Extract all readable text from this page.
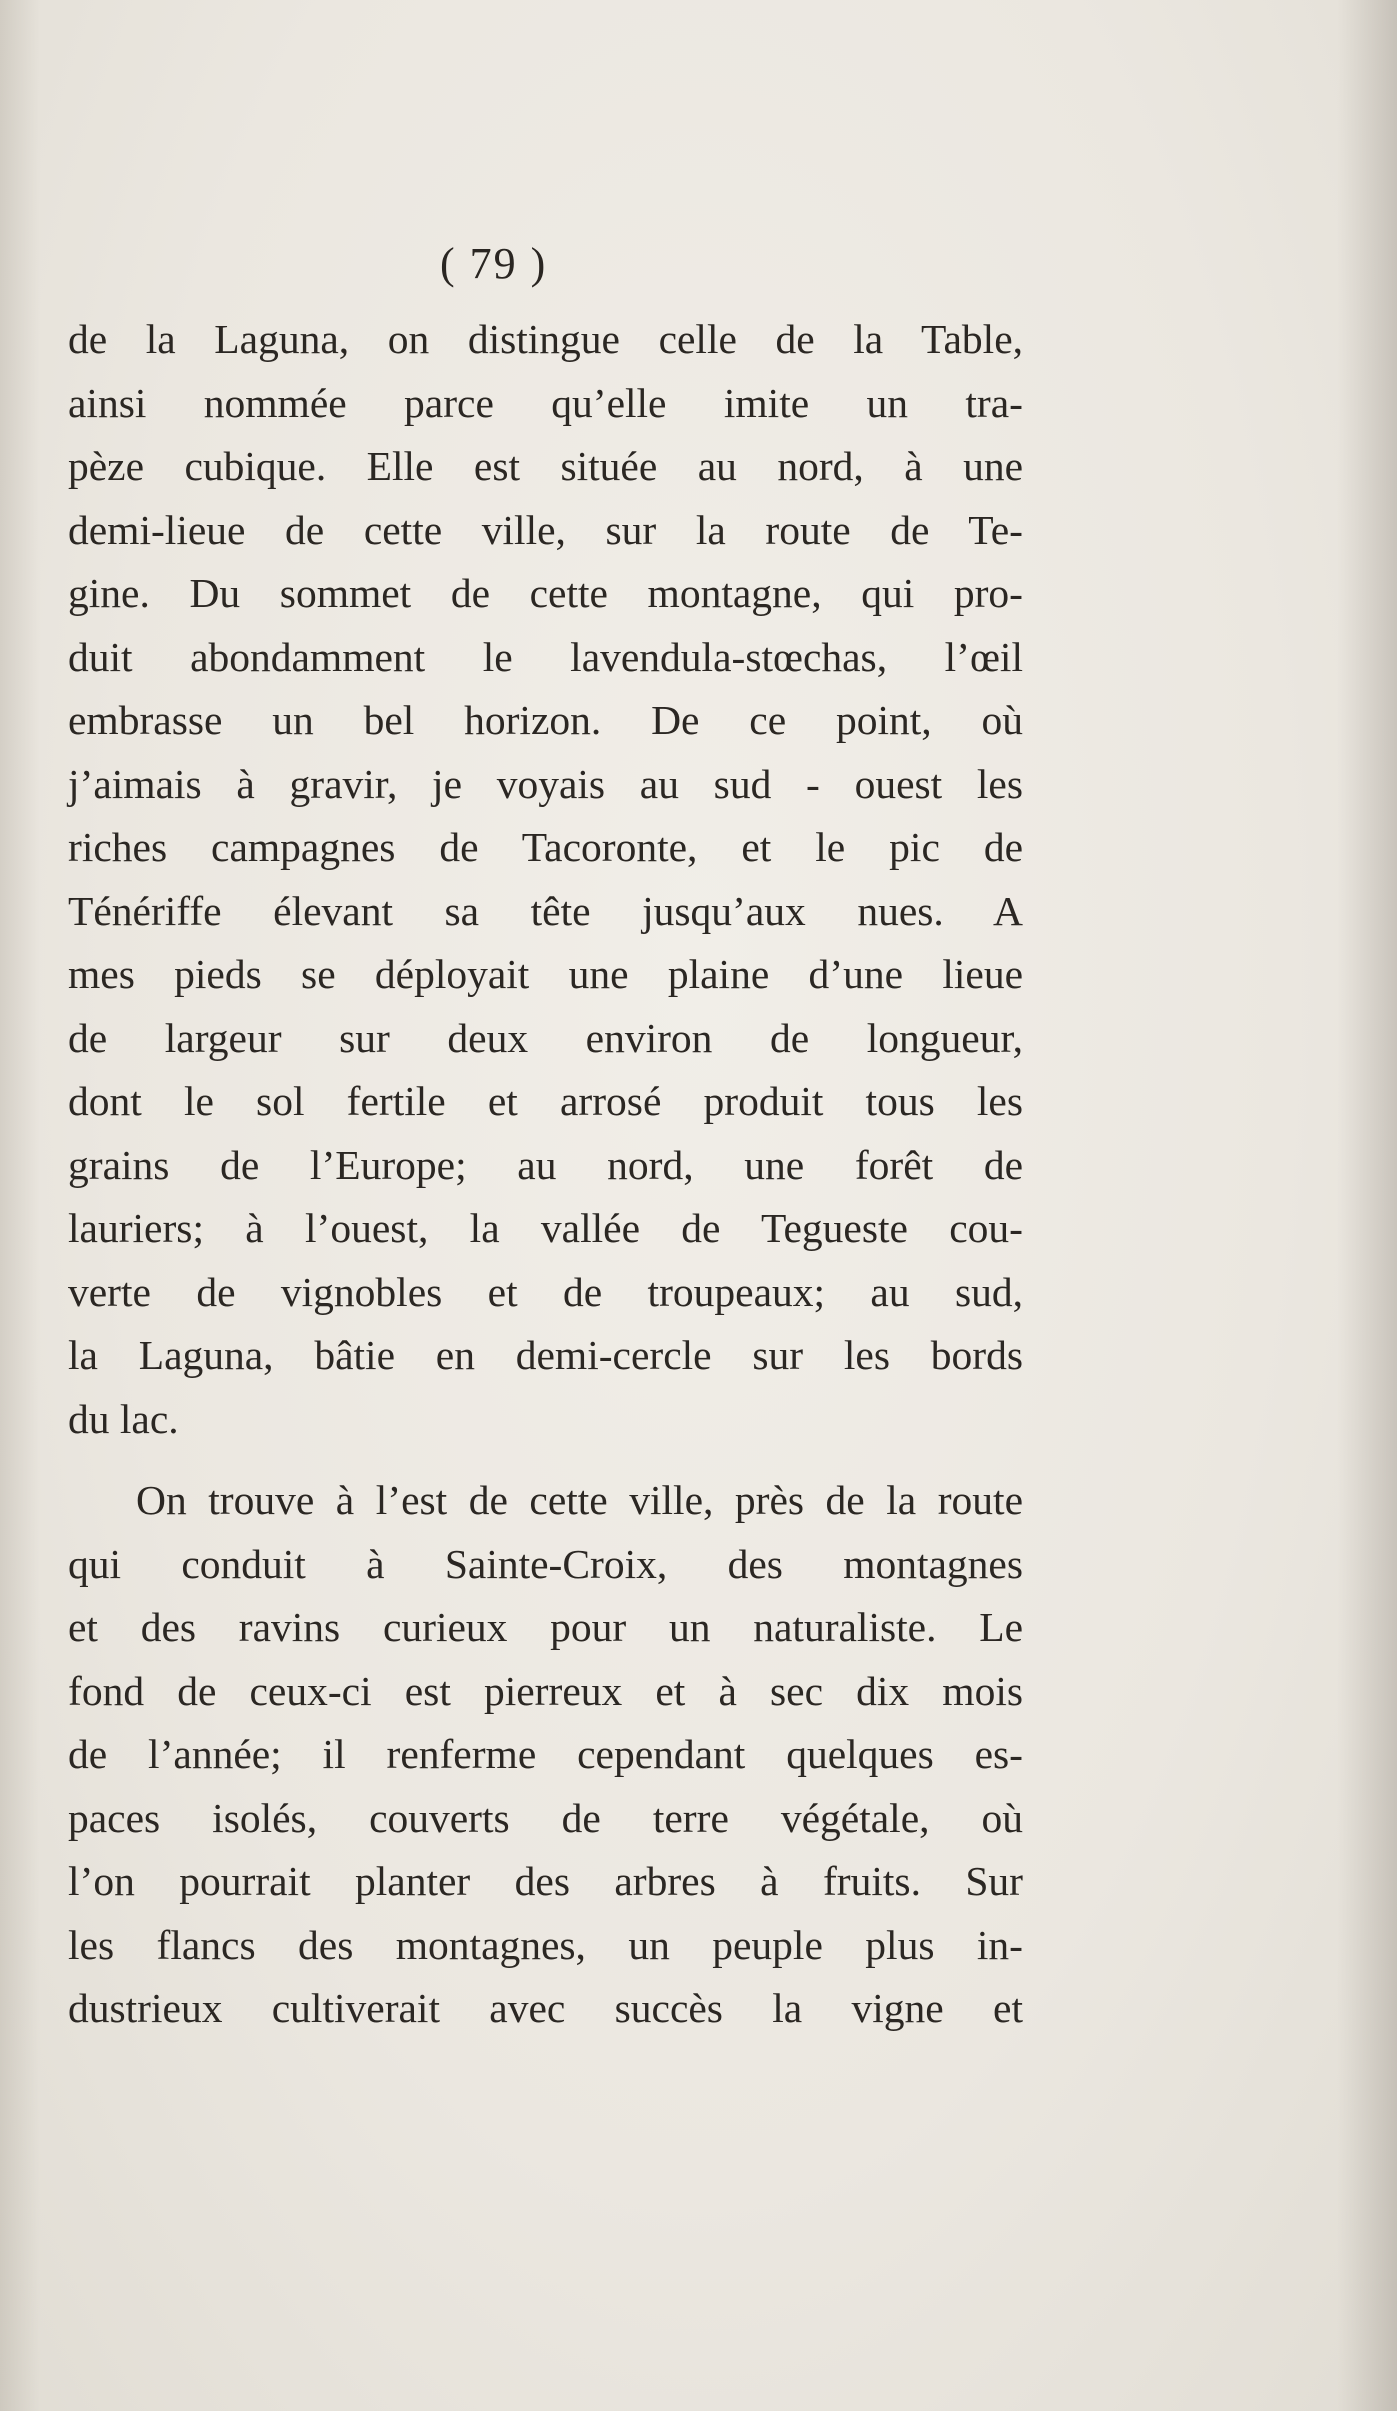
( 79 )
de la Laguna, on distingue celle de la Table,
ainsi nommée parce qu’elle imite un tra-
pèze cubique. Elle est située au nord, à une
demi-lieue de cette ville, sur la route de Te-
gine. Du sommet de cette montagne, qui pro-
duit abondamment le lavendula-stœchas, l’œil
embrasse un bel horizon. De ce point, où
j’aimais à gravir, je voyais au sud - ouest les
riches campagnes de Tacoronte, et le pic de
Ténériffe élevant sa tête jusqu’aux nues. A
mes pieds se déployait une plaine d’une lieue
de largeur sur deux environ de longueur,
dont le sol fertile et arrosé produit tous les
grains de l’Europe; au nord, une forêt de
lauriers; à l’ouest, la vallée de Tegueste cou-
verte de vignobles et de troupeaux; au sud,
la Laguna, bâtie en demi-cercle sur les bords
du lac.
On trouve à l’est de cette ville, près de la route
qui conduit à Sainte-Croix, des montagnes
et des ravins curieux pour un naturaliste. Le
fond de ceux-ci est pierreux et à sec dix mois
de l’année; il renferme cependant quelques es-
paces isolés, couverts de terre végétale, où
l’on pourrait planter des arbres à fruits. Sur
les flancs des montagnes, un peuple plus in-
dustrieux cultiverait avec succès la vigne et
